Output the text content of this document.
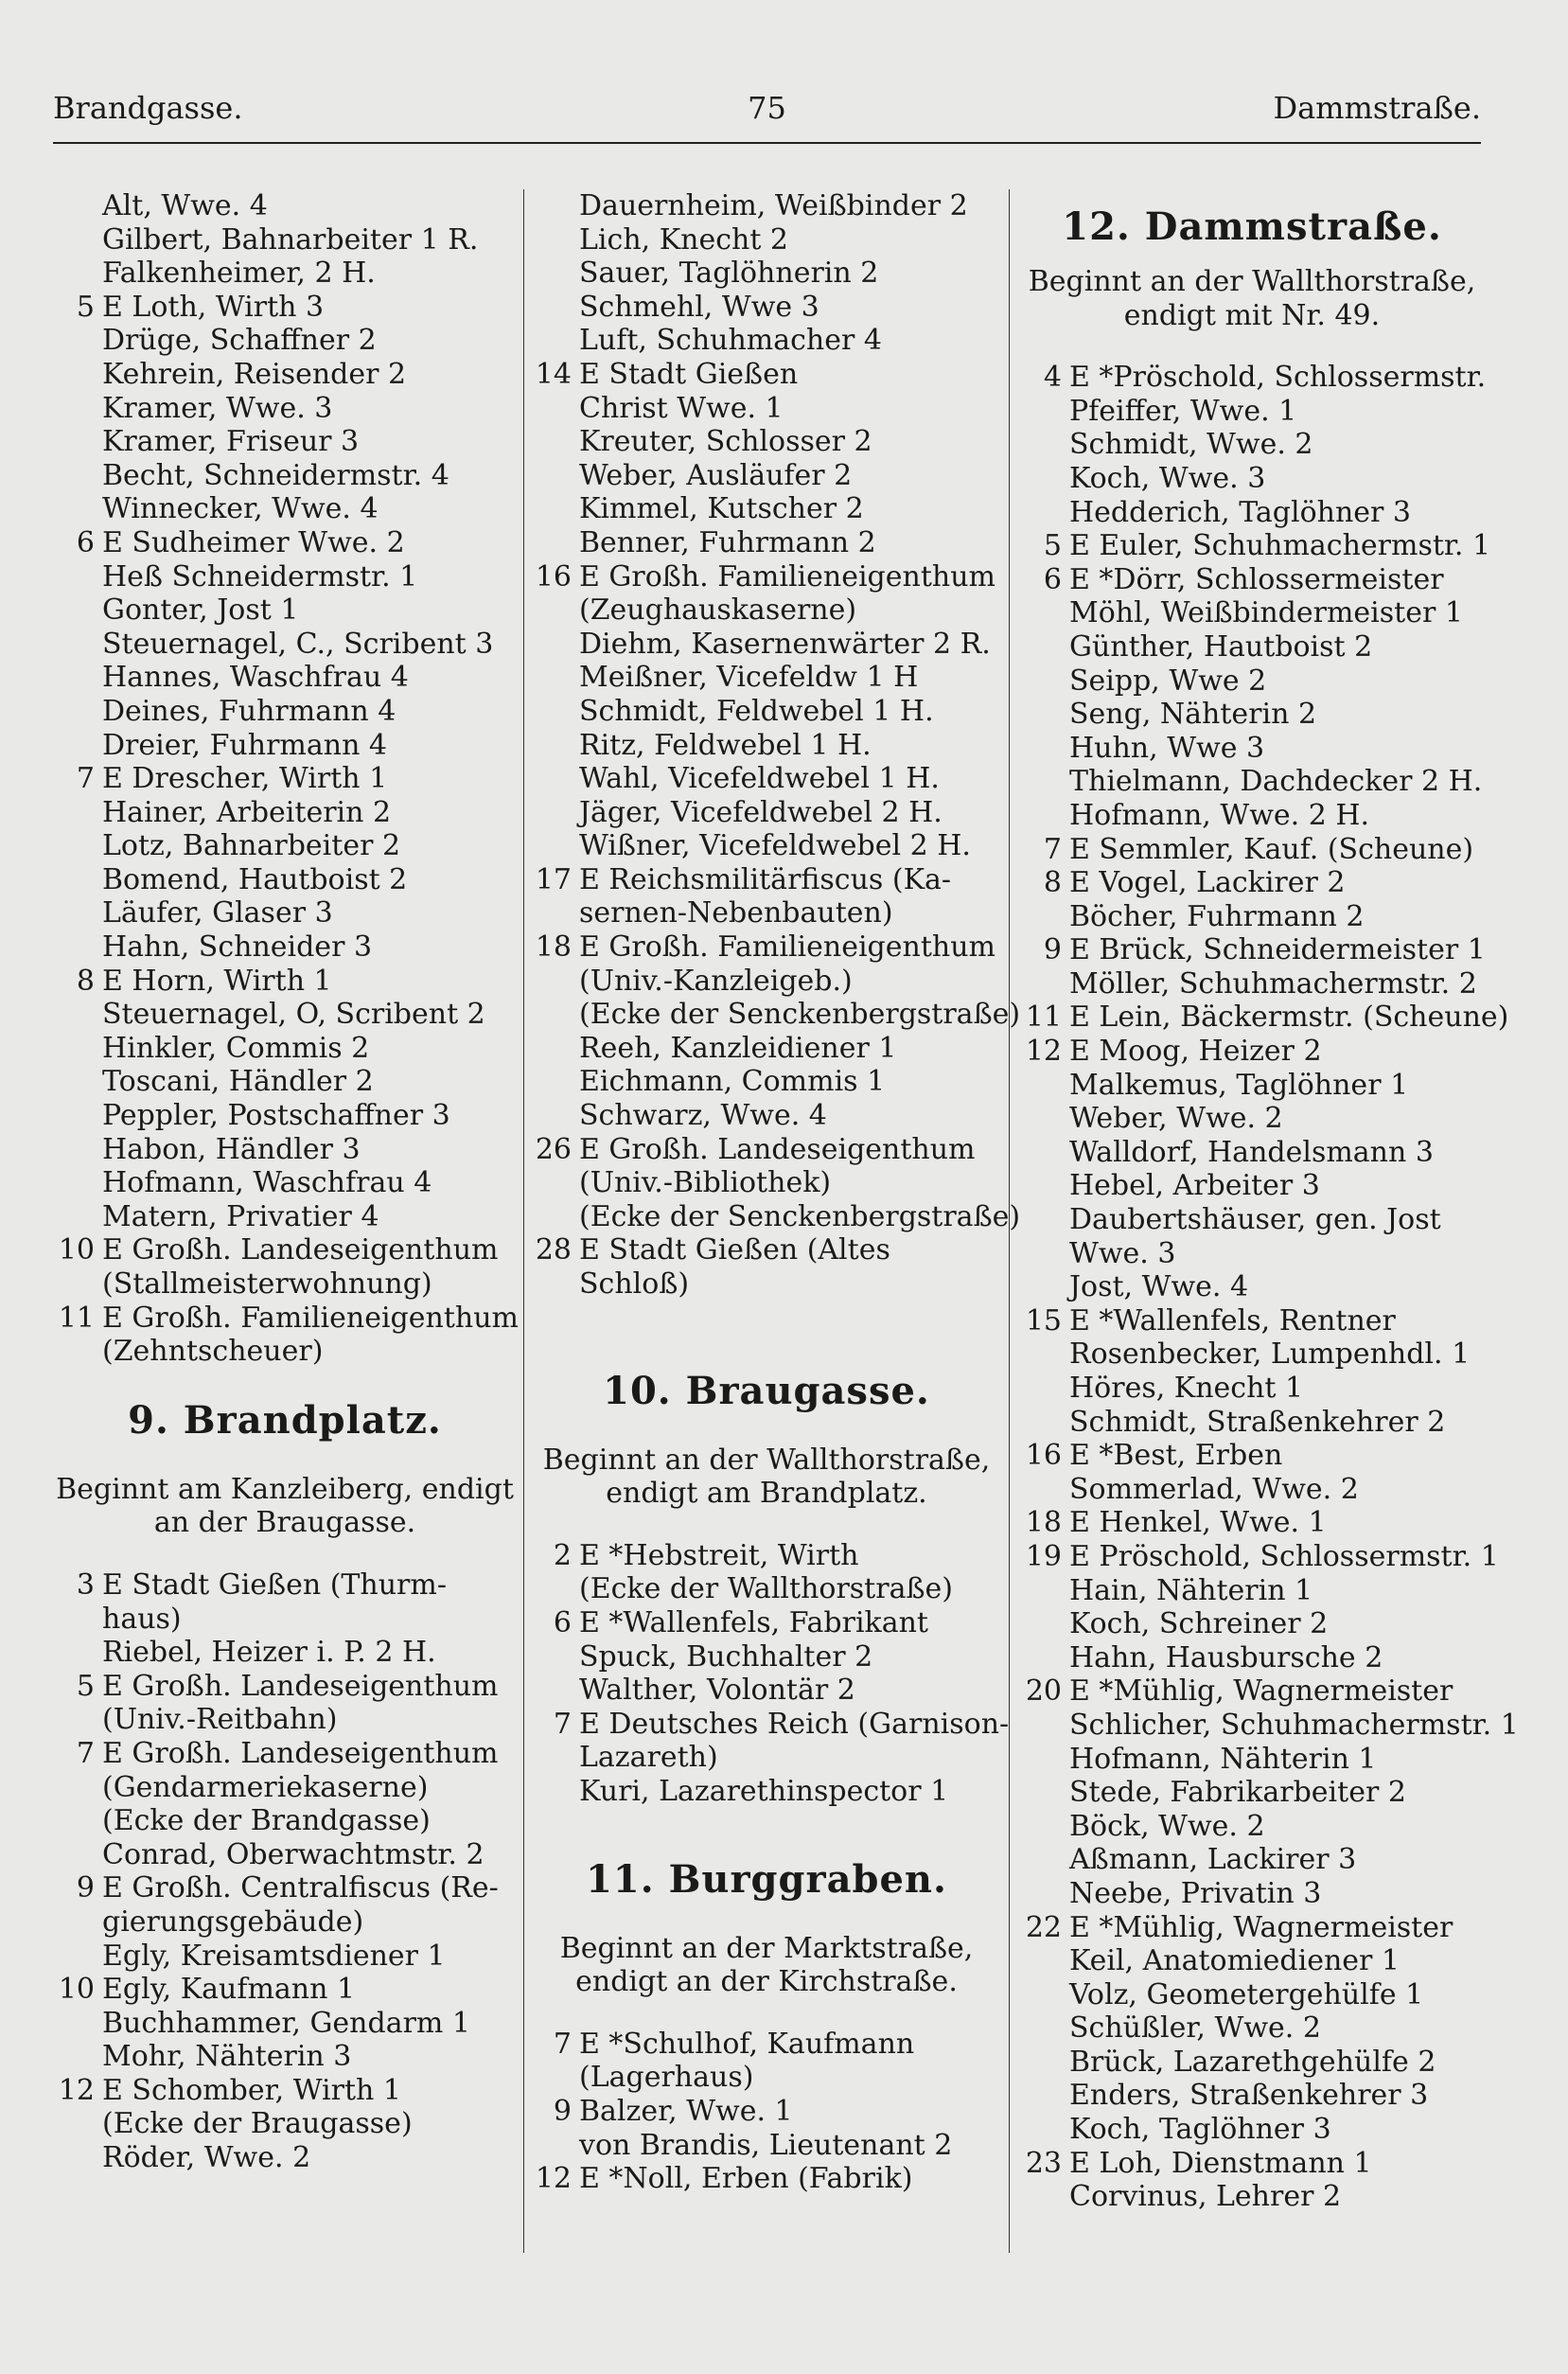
Brandgasse.	75	Dammstraße.
Alt, Wwe. 4
Gilbert, Bahnarbeiter 1 R.
Falkenheimer, 2 H.
5 E Loth, Wirth 3
Drüge, Schaffner 2
Kehrein, Reisender 2
Kramer, Wwe. 3
Kramer, Friseur 3
Becht, Schneidermstr. 4
Winnecker, Wwe. 4
6 E Sudheimer Wwe. 2
Heß Schneidermstr. 1
Gonter, Jost 1
Steuernagel, C., Scribent 3
Hannes, Waschfrau 4
Deines, Fuhrmann 4
Dreier, Fuhrmann 4
7 E Drescher, Wirth 1
Hainer, Arbeiterin 2
Lotz, Bahnarbeiter 2
Bomend, Hautboist 2
Läufer, Glaser 3
Hahn, Schneider 3
8 E Horn, Wirth 1
Steuernagel, O, Scribent 2
Hinkler, Commis 2
Toscani, Händler 2
Peppler, Postschaffner 3
Habon, Händler 3
Hofmann, Waschfrau 4
Matern, Privatier 4
10 E Großh. Landeseigenthum
(Stallmeisterwohnung)
11 E Großh. Familieneigenthum
(Zehntscheuer)
9. Brandplatz.
Beginnt am Kanzleiberg, endigt
an der Braugasse.
3 E Stadt Gießen (Thurm-
haus)
Riebel, Heizer i. P. 2 H.
5 E Großh. Landeseigenthum
(Univ.-Reitbahn)
7 E Großh. Landeseigenthum
(Gendarmeriekaserne)
(Ecke der Brandgasse)
Conrad, Oberwachtmstr. 2
9 E Großh. Centralfiscus (Re-
gierungsgebäude)
Egly, Kreisamtsdiener 1
10 Egly, Kaufmann 1
Buchhammer, Gendarm 1
Mohr, Nähterin 3
12 E Schomber, Wirth 1
(Ecke der Braugasse)
Röder, Wwe. 2
Dauernheim, Weißbinder 2
Lich, Knecht 2
Sauer, Taglöhnerin 2
Schmehl, Wwe 3
Luft, Schuhmacher 4
14 E Stadt Gießen
Christ Wwe. 1
Kreuter, Schlosser 2
Weber, Ausläufer 2
Kimmel, Kutscher 2
Benner, Fuhrmann 2
16 E Großh. Familieneigenthum
(Zeughauskaserne)
Diehm, Kasernenwärter 2 R.
Meißner, Vicefeldw 1 H
Schmidt, Feldwebel 1 H.
Ritz, Feldwebel 1 H.
Wahl, Vicefeldwebel 1 H.
Jäger, Vicefeldwebel 2 H.
Wißner, Vicefeldwebel 2 H.
17 E Reichsmilitärfiscus (Ka-
sernen-Nebenbauten)
18 E Großh. Familieneigenthum
(Univ.-Kanzleigeb.)
(Ecke der Senckenbergstraße)
Reeh, Kanzleidiener 1
Eichmann, Commis 1
Schwarz, Wwe. 4
26 E Großh. Landeseigenthum
(Univ.-Bibliothek)
(Ecke der Senckenbergstraße)
28 E Stadt Gießen (Altes
Schloß)
10. Braugasse.
Beginnt an der Wallthorstraße,
endigt am Brandplatz.
2 E *Hebstreit, Wirth
(Ecke der Wallthorstraße)
6 E *Wallenfels, Fabrikant
Spuck, Buchhalter 2
Walther, Volontär 2
7 E Deutsches Reich (Garnison-
Lazareth)
Kuri, Lazarethinspector 1
11. Burggraben.
Beginnt an der Marktstraße,
endigt an der Kirchstraße.
7 E *Schulhof, Kaufmann
(Lagerhaus)
9 Balzer, Wwe. 1
von Brandis, Lieutenant 2
12 E *Noll, Erben (Fabrik)
12. Dammstraße.
Beginnt an der Wallthorstraße,
endigt mit Nr. 49.
4 E *Pröschold, Schlossermstr.
Pfeiffer, Wwe. 1
Schmidt, Wwe. 2
Koch, Wwe. 3
Hedderich, Taglöhner 3
5 E Euler, Schuhmachermstr. 1
6 E *Dörr, Schlossermeister
Möhl, Weißbindermeister 1
Günther, Hautboist 2
Seipp, Wwe 2
Seng, Nähterin 2
Huhn, Wwe 3
Thielmann, Dachdecker 2 H.
Hofmann, Wwe. 2 H.
7 E Semmler, Kauf. (Scheune)
8 E Vogel, Lackirer 2
Böcher, Fuhrmann 2
9 E Brück, Schneidermeister 1
Möller, Schuhmachermstr. 2
11 E Lein, Bäckermstr. (Scheune)
12 E Moog, Heizer 2
Malkemus, Taglöhner 1
Weber, Wwe. 2
Walldorf, Handelsmann 3
Hebel, Arbeiter 3
Daubertshäuser, gen. Jost
Wwe. 3
Jost, Wwe. 4
15 E *Wallenfels, Rentner
Rosenbecker, Lumpenhdl. 1
Höres, Knecht 1
Schmidt, Straßenkehrer 2
16 E *Best, Erben
Sommerlad, Wwe. 2
18 E Henkel, Wwe. 1
19 E Pröschold, Schlossermstr. 1
Hain, Nähterin 1
Koch, Schreiner 2
Hahn, Hausbursche 2
20 E *Mühlig, Wagnermeister
Schlicher, Schuhmachermstr. 1
Hofmann, Nähterin 1
Stede, Fabrikarbeiter 2
Böck, Wwe. 2
Aßmann, Lackirer 3
Neebe, Privatin 3
22 E *Mühlig, Wagnermeister
Keil, Anatomiediener 1
Volz, Geometergehülfe 1
Schüßler, Wwe. 2
Brück, Lazarethgehülfe 2
Enders, Straßenkehrer 3
Koch, Taglöhner 3
23 E Loh, Dienstmann 1
Corvinus, Lehrer 2
